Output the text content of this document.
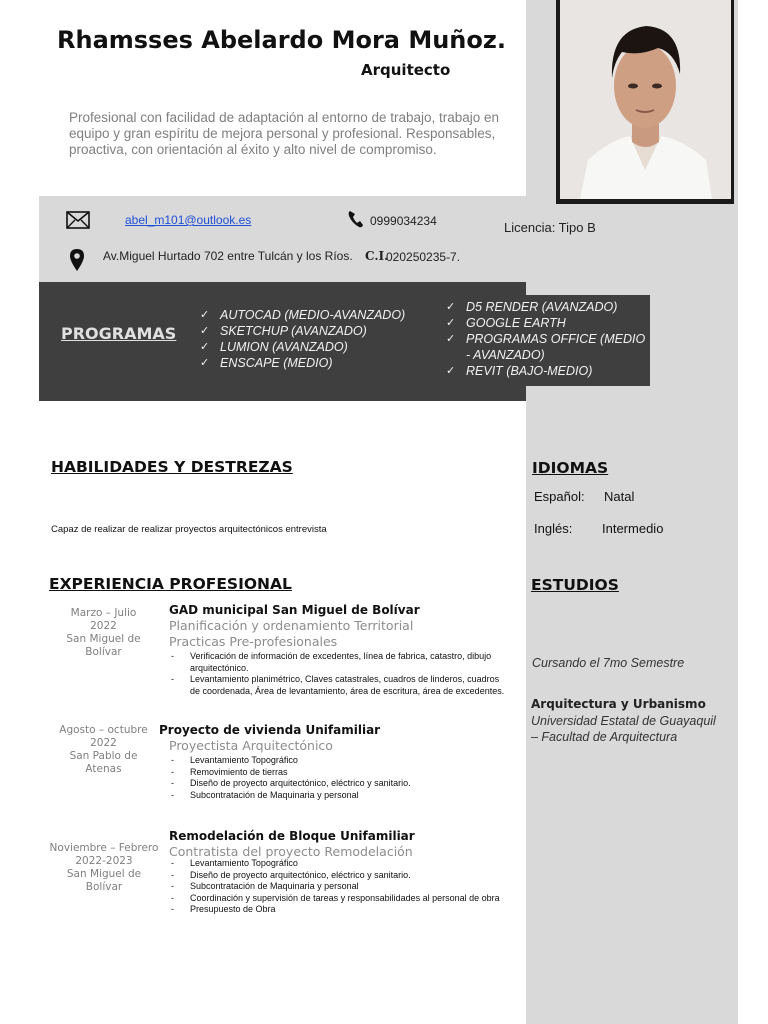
Rhamsses Abelardo Mora Muñoz.
Arquitecto
Profesional con facilidad de adaptación al entorno de trabajo, trabajo en equipo y gran espíritu de mejora personal y profesional. Responsables, proactiva, con orientación al éxito y alto nivel de compromiso.
abel_m101@outlook.es	0999034234	Licencia: Tipo B
Av.Miguel Hurtado 702 entre Tulcán y los Ríos. C.I.
020250235-7.
PROGRAMAS
✓ AUTOCAD (MEDIO-AVANZADO)
✓ SKETCHUP (AVANZADO)
✓ LUMION (AVANZADO)
✓ ENSCAPE (MEDIO)
✓ D5 RENDER (AVANZADO)
✓ GOOGLE EARTH
✓ PROGRAMAS OFFICE (MEDIO - AVANZADO)
✓ REVIT (BAJO-MEDIO)
HABILIDADES Y DESTREZAS
Capaz de realizar de realizar proyectos arquitectónicos entrevista
IDIOMAS
Español: Natal
Inglés: Intermedio
EXPERIENCIA PROFESIONAL
Marzo – Julio
2022
San Miguel de Bolívar
GAD municipal San Miguel de Bolívar
Planificación y ordenamiento Territorial
Practicas Pre-profesionales
- Verificación de información de excedentes, línea de fabrica, catastro, dibujo arquitectónico.
- Levantamiento planimétrico, Claves catastrales, cuadros de linderos, cuadros de coordenada, Área de levantamiento, área de escritura, área de excedentes.
Agosto – octubre
2022
San Pablo de Atenas
Proyecto de vivienda Unifamiliar
Proyectista Arquitectónico
- Levantamiento Topográfico
- Removimiento de tierras
- Diseño de proyecto arquitectónico, eléctrico y sanitario.
- Subcontratación de Maquinaria y personal
Noviembre – Febrero
2022-2023
San Miguel de Bolívar
Remodelación de Bloque Unifamiliar
Contratista del proyecto Remodelación
- Levantamiento Topográfico
- Diseño de proyecto arquitectónico, eléctrico y sanitario.
- Subcontratación de Maquinaria y personal
- Coordinación y supervisión de tareas y responsabilidades al personal de obra
- Presupuesto de Obra
ESTUDIOS
Cursando el 7mo Semestre
Arquitectura y Urbanismo
Universidad Estatal de Guayaquil – Facultad de Arquitectura
